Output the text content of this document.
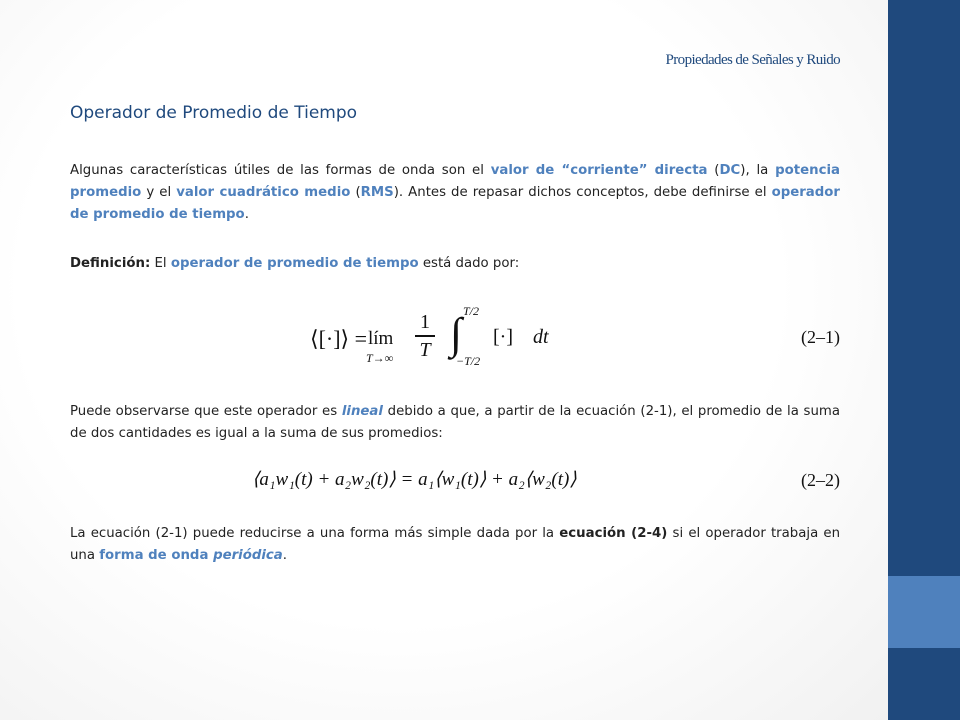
Propiedades de Señales y Ruido
Operador de Promedio de Tiempo

Algunas características útiles de las formas de onda son el valor de “corriente” directa (DC), la potencia promedio y el valor cuadrático medio (RMS). Antes de repasar dichos conceptos, debe definirse el operador de promedio de tiempo.

Definición: El operador de promedio de tiempo está dado por:

⟨[·]⟩ = lím
T→∞
1
T ∫ T/2
−T/2
[·] dt	(2–1)

Puede observarse que este operador es lineal debido a que, a partir de la ecuación (2-1), el promedio de la suma de dos cantidades es igual a la suma de sus promedios:

⟨a₁w₁(t) + a₂w₂(t)⟩ = a₁⟨w₁(t)⟩ + a₂⟨w₂(t)⟩	(2–2)

La ecuación (2-1) puede reducirse a una forma más simple dada por la ecuación (2-4) si el operador trabaja en una forma de onda periódica.
